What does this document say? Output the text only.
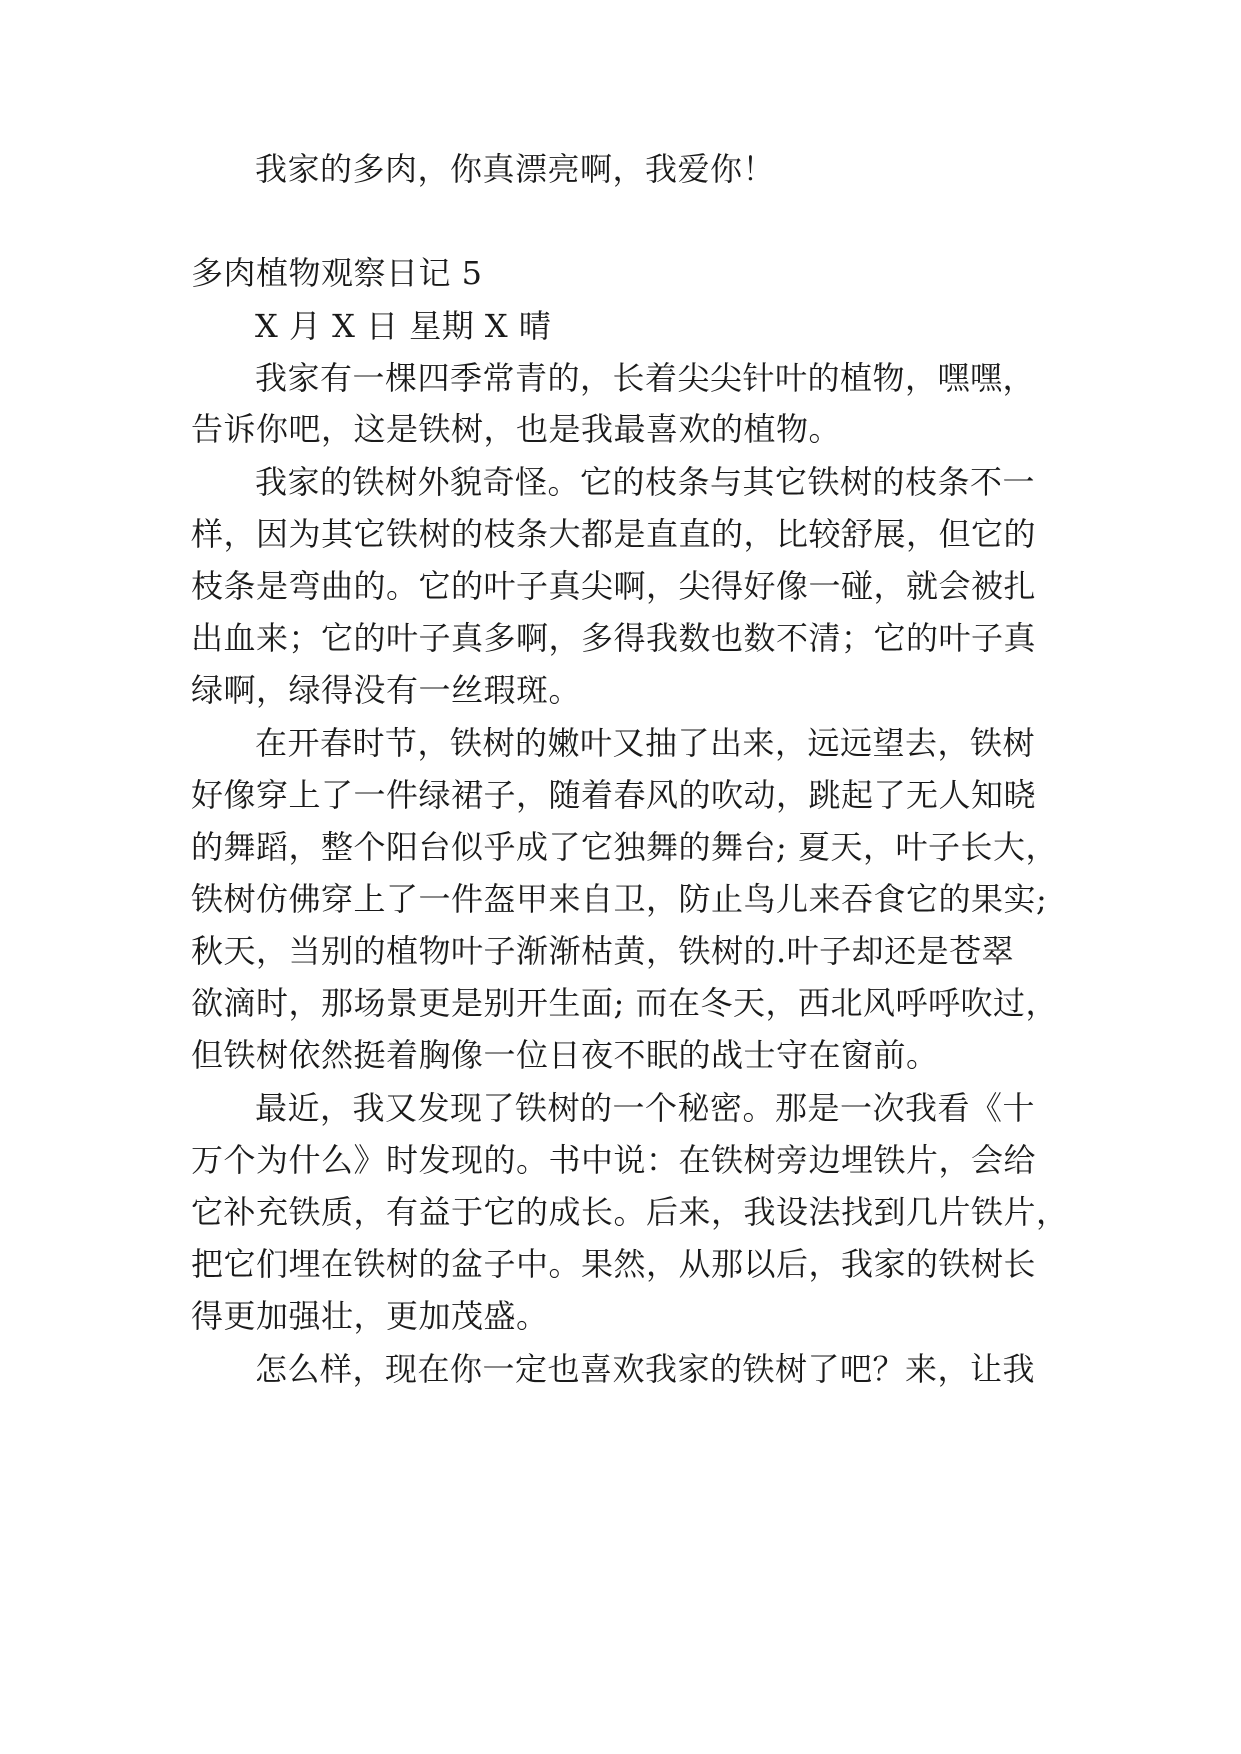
我家的多肉，你真漂亮啊，我爱你！
多肉植物观察日记 5
X 月 X 日 星期 X 晴
我家有一棵四季常青的，长着尖尖针叶的植物，嘿嘿，
告诉你吧，这是铁树，也是我最喜欢的植物。
我家的铁树外貌奇怪。它的枝条与其它铁树的枝条不一
样，因为其它铁树的枝条大都是直直的，比较舒展，但它的
枝条是弯曲的。它的叶子真尖啊，尖得好像一碰，就会被扎
出血来；它的叶子真多啊，多得我数也数不清；它的叶子真
绿啊，绿得没有一丝瑕斑。
在开春时节，铁树的嫩叶又抽了出来，远远望去，铁树
好像穿上了一件绿裙子，随着春风的吹动，跳起了无人知晓
的舞蹈，整个阳台似乎成了它独舞的舞台; 夏天，叶子长大，
铁树仿佛穿上了一件盔甲来自卫，防止鸟儿来吞食它的果实;
秋天，当别的植物叶子渐渐枯黄，铁树的.叶子却还是苍翠
欲滴时，那场景更是别开生面; 而在冬天，西北风呼呼吹过，
但铁树依然挺着胸像一位日夜不眠的战士守在窗前。
最近，我又发现了铁树的一个秘密。那是一次我看《十
万个为什么》时发现的。书中说：在铁树旁边埋铁片，会给
它补充铁质，有益于它的成长。后来，我设法找到几片铁片，
把它们埋在铁树的盆子中。果然，从那以后，我家的铁树长
得更加强壮，更加茂盛。
怎么样，现在你一定也喜欢我家的铁树了吧？来，让我
